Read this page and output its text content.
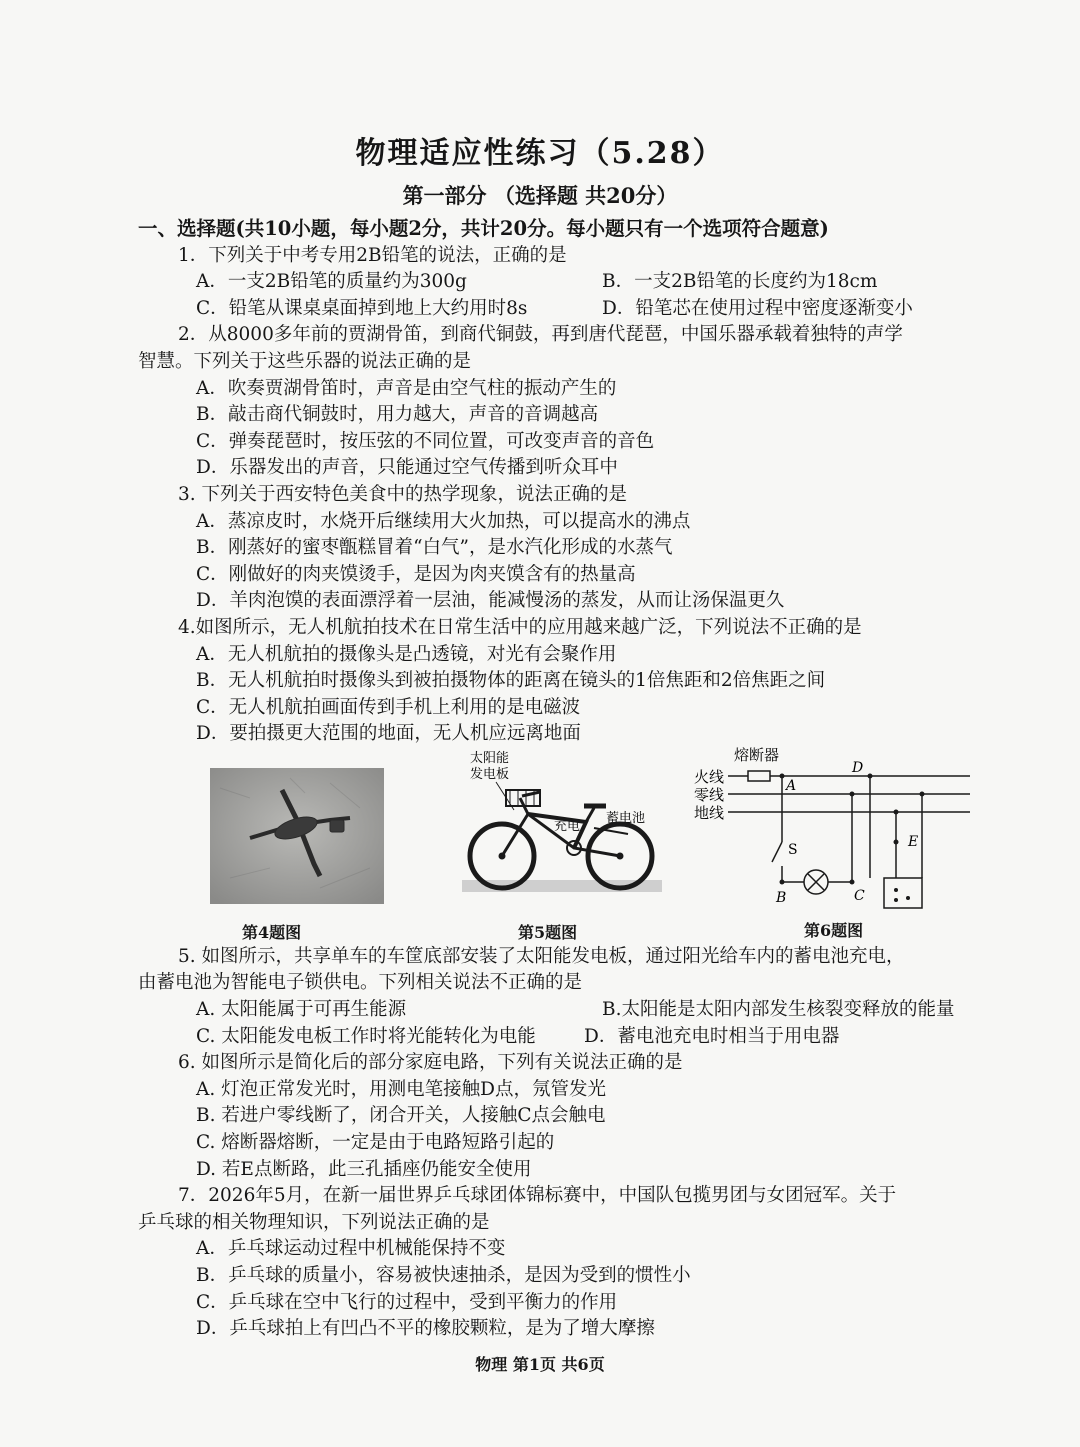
物理适应性练习（5.28）
第一部分 （选择题 共20分）
一、选择题(共10小题，每小题2分，共计20分。每小题只有一个选项符合题意)
1．下列关于中考专用2B铅笔的说法，正确的是
A．一支2B铅笔的质量约为300g	B．一支2B铅笔的长度约为18cm
C．铅笔从课桌桌面掉到地上大约用时8s	D．铅笔芯在使用过程中密度逐渐变小
2．从8000多年前的贾湖骨笛，到商代铜鼓，再到唐代琵琶，中国乐器承载着独特的声学
智慧。下列关于这些乐器的说法正确的是
A．吹奏贾湖骨笛时，声音是由空气柱的振动产生的
B．敲击商代铜鼓时，用力越大，声音的音调越高
C．弹奏琵琶时，按压弦的不同位置，可改变声音的音色
D．乐器发出的声音，只能通过空气传播到听众耳中
3. 下列关于西安特色美食中的热学现象，说法正确的是
A．蒸凉皮时，水烧开后继续用大火加热，可以提高水的沸点
B．刚蒸好的蜜枣甑糕冒着“白气”，是水汽化形成的水蒸气
C．刚做好的肉夹馍烫手，是因为肉夹馍含有的热量高
D．羊肉泡馍的表面漂浮着一层油，能减慢汤的蒸发，从而让汤保温更久
4.如图所示，无人机航拍技术在日常生活中的应用越来越广泛，下列说法不正确的是
A．无人机航拍的摄像头是凸透镜，对光有会聚作用
B．无人机航拍时摄像头到被拍摄物体的距离在镜头的1倍焦距和2倍焦距之间
C．无人机航拍画面传到手机上利用的是电磁波
D．要拍摄更大范围的地面，无人机应远离地面
第4题图
太阳能
发电板
充电
蓄电池
第5题图
熔断器
火线
零线
地线
A
D
S
B	C
E
第6题图
5. 如图所示，共享单车的车筐底部安装了太阳能发电板，通过阳光给车内的蓄电池充电，
由蓄电池为智能电子锁供电。下列相关说法不正确的是
A. 太阳能属于可再生能源	B.太阳能是太阳内部发生核裂变释放的能量
C. 太阳能发电板工作时将光能转化为电能	D．蓄电池充电时相当于用电器
6. 如图所示是简化后的部分家庭电路，下列有关说法正确的是
A. 灯泡正常发光时，用测电笔接触D点，氖管发光
B. 若进户零线断了，闭合开关，人接触C点会触电
C. 熔断器熔断，一定是由于电路短路引起的
D. 若E点断路，此三孔插座仍能安全使用
7．2026年5月，在新一届世界乒乓球团体锦标赛中，中国队包揽男团与女团冠军。关于
乒乓球的相关物理知识，下列说法正确的是
A．乒乓球运动过程中机械能保持不变
B．乒乓球的质量小，容易被快速抽杀，是因为受到的惯性小
C．乒乓球在空中飞行的过程中，受到平衡力的作用
D．乒乓球拍上有凹凸不平的橡胶颗粒，是为了增大摩擦
物理 第1页 共6页
